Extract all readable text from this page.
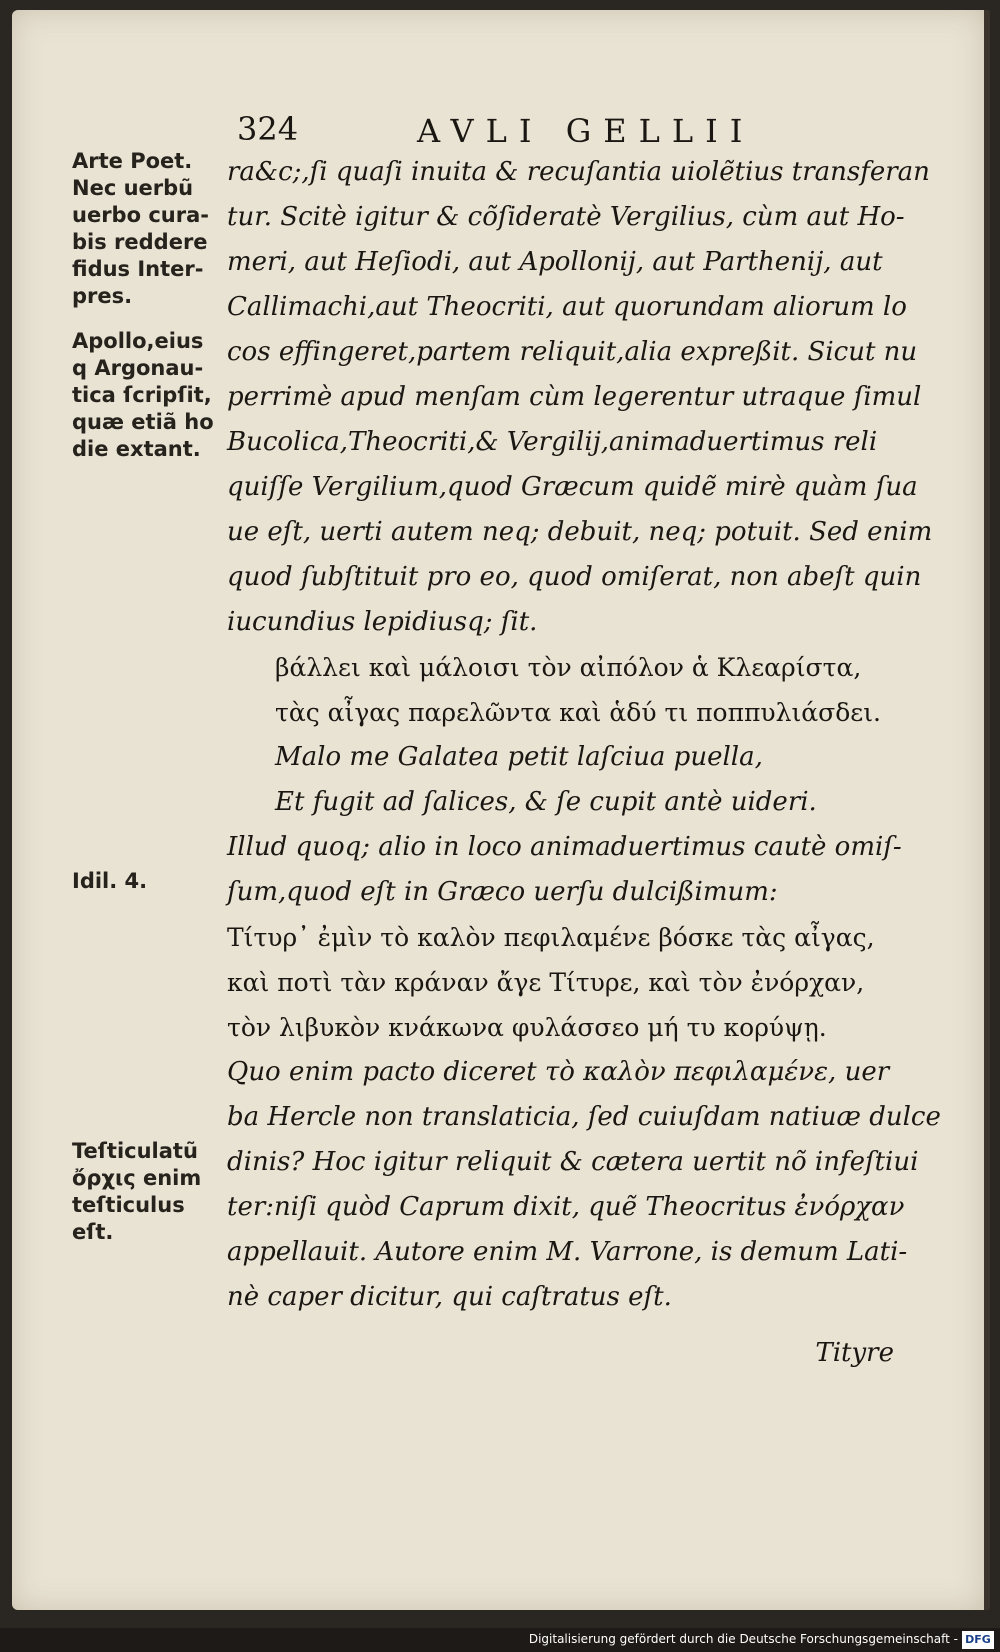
324	AVLI GELLII
Arte Poet.
Nec uerbũ
uerbo cura-
bis reddere
fidus Inter-
pres.
Apollo,eius
q Argonau-
tica ſcripſit,
quæ etiã ho
die extant.
Idil. 4.
Teſticulatũ
ὄρχις enim
teſticulus
eſt.
ra&c;,ſi quaſi inuita & recuſantia uiolẽtius transferan
tur. Scitè igitur & cõſideratè Vergilius, cùm aut Ho-
meri, aut Heſiodi, aut Apollonij, aut Parthenij, aut
Callimachi,aut Theocriti, aut quorundam aliorum lo
cos effingeret,partem reliquit,alia expreßit. Sicut nu
perrimè apud menſam cùm legerentur utraque ſimul
Bucolica,Theocriti,& Vergilij,animaduertimus reli
quiſſe Vergilium,quod Græcum quidẽ mirè quàm ſua
ue eſt, uerti autem neq; debuit, neq; potuit. Sed enim
quod ſubſtituit pro eo, quod omiſerat, non abeſt quin
iucundius lepidiusq; ſit.
βάλλει καὶ μάλοισι τὸν αἰπόλον ἁ Κλεαρίστα,
τὰς αἶγας παρελῶντα καὶ ἁδύ τι ποππυλιάσδει.
Malo me Galatea petit laſciua puella,
Et fugit ad ſalices, & ſe cupit antè uideri.
Illud quoq; alio in loco animaduertimus cautè omiſ-
ſum,quod eſt in Græco uerſu dulcißimum:
Τίτυρ᾽ ἐμὶν τὸ καλὸν πεφιλαμένε βόσκε τὰς αἶγας,
καὶ ποτὶ τὰν κράναν ἄγε Τίτυρε, καὶ τὸν ἐνόρχαν,
τὸν λιβυκὸν κνάκωνα φυλάσσεο μή τυ κορύψῃ.
Quo enim pacto diceret τὸ καλὸν πεφιλαμένε, uer
ba Hercle non translaticia, ſed cuiuſdam natiuæ dulce
dinis? Hoc igitur reliquit & cætera uertit nõ infeſtiui
ter:niſi quòd Caprum dixit, quẽ Theocritus ἐνόρχαν
appellauit. Autore enim M. Varrone, is demum Lati-
nè caper dicitur, qui caſtratus eſt.
Tityre
Digitalisierung gefördert durch die Deutsche Forschungsgemeinschaft - DFG
